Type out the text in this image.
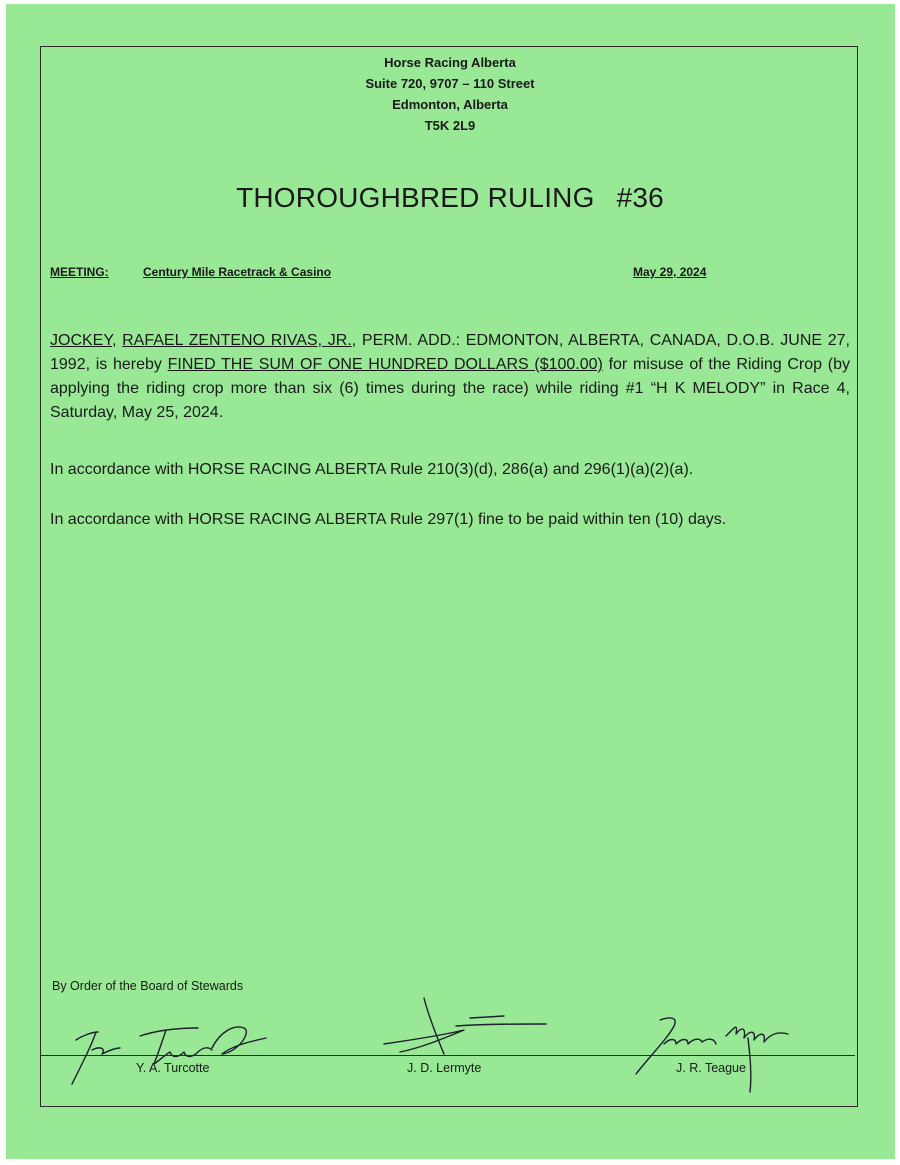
Horse Racing Alberta
Suite 720, 9707 – 110 Street
Edmonton, Alberta
T5K 2L9
THOROUGHBRED RULING #36
MEETING:	Century Mile Racetrack & Casino	May 29, 2024
JOCKEY, RAFAEL ZENTENO RIVAS, JR., PERM. ADD.: EDMONTON, ALBERTA, CANADA, D.O.B. JUNE 27, 1992, is hereby FINED THE SUM OF ONE HUNDRED DOLLARS ($100.00) for misuse of the Riding Crop (by applying the riding crop more than six (6) times during the race) while riding #1 “H K MELODY” in Race 4, Saturday, May 25, 2024.
In accordance with HORSE RACING ALBERTA Rule 210(3)(d), 286(a) and 296(1)(a)(2)(a).
In accordance with HORSE RACING ALBERTA Rule 297(1) fine to be paid within ten (10) days.
By Order of the Board of Stewards
Y. A. Turcotte	J. D. Lermyte	J. R. Teague
